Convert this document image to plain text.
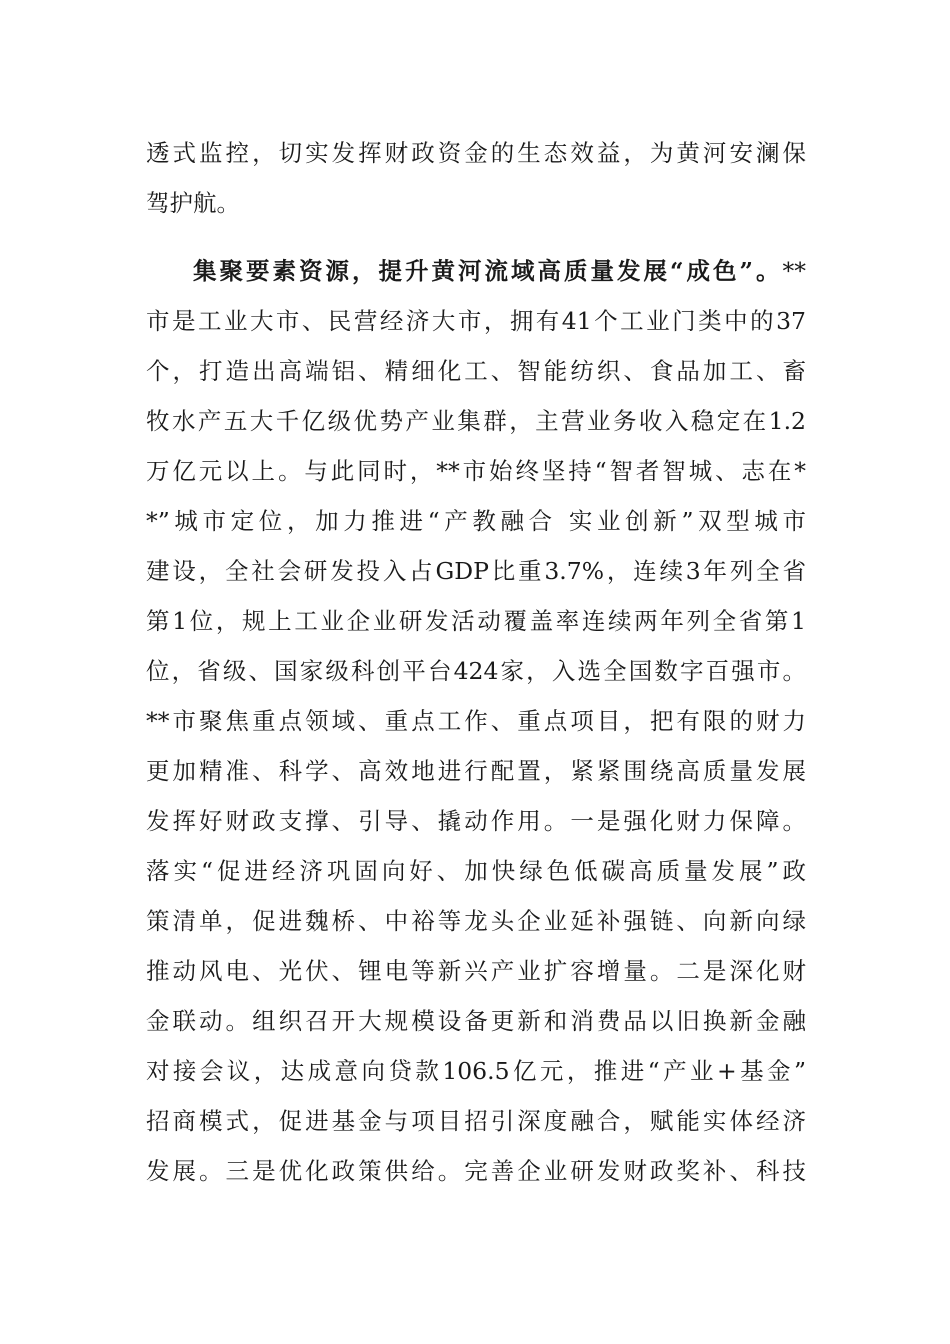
透式监控，切实发挥财政资金的生态效益，为黄河安澜保
驾护航。
集聚要素资源，提升黄河流域高质量发展“成色”。**
市是工业大市、民营经济大市，拥有41个工业门类中的37
个，打造出高端铝、精细化工、智能纺织、食品加工、畜
牧水产五大千亿级优势产业集群，主营业务收入稳定在1.2
万亿元以上。与此同时，**市始终坚持“智者智城、志在*
*”城市定位，加力推进“产教融合 实业创新”双型城市
建设，全社会研发投入占GDP比重3.7%，连续3年列全省
第1位，规上工业企业研发活动覆盖率连续两年列全省第1
位，省级、国家级科创平台424家，入选全国数字百强市。
**市聚焦重点领域、重点工作、重点项目，把有限的财力
更加精准、科学、高效地进行配置，紧紧围绕高质量发展
发挥好财政支撑、引导、撬动作用。一是强化财力保障。
落实“促进经济巩固向好、加快绿色低碳高质量发展”政
策清单，促进魏桥、中裕等龙头企业延补强链、向新向绿
推动风电、光伏、锂电等新兴产业扩容增量。二是深化财
金联动。组织召开大规模设备更新和消费品以旧换新金融
对接会议，达成意向贷款106.5亿元，推进“产业+基金”
招商模式，促进基金与项目招引深度融合，赋能实体经济
发展。三是优化政策供给。完善企业研发财政奖补、科技
